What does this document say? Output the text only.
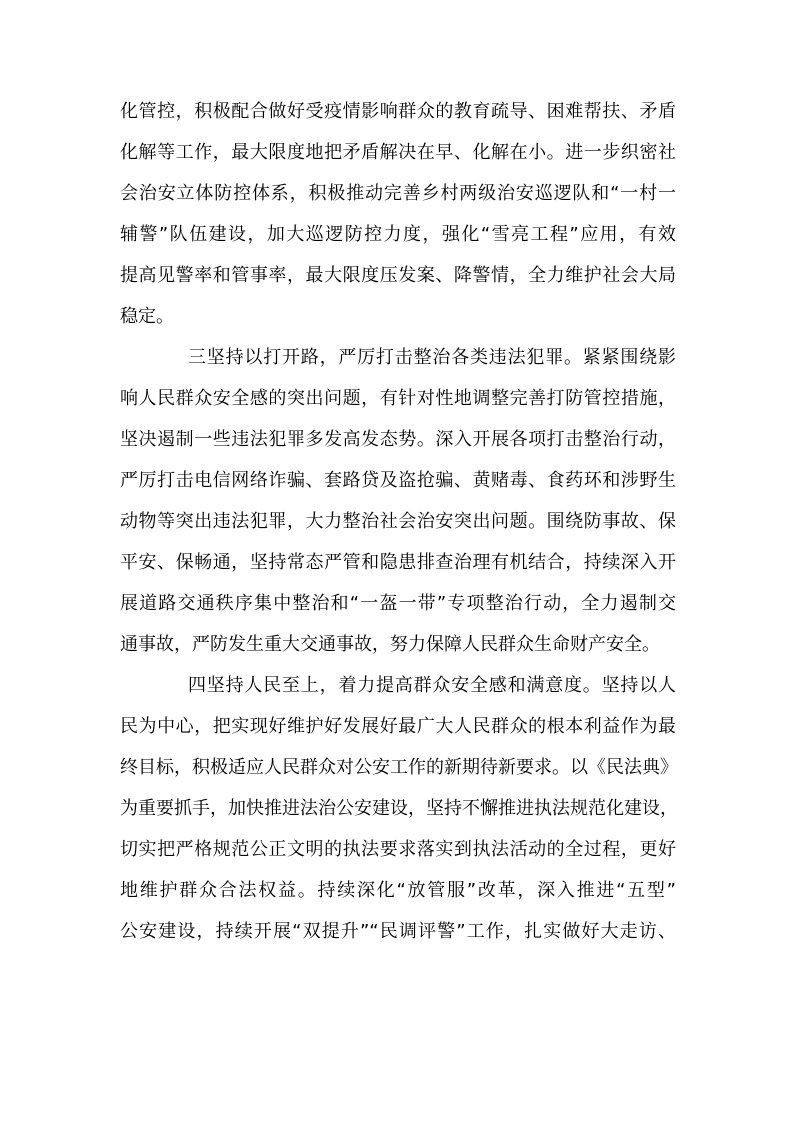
化管控，积极配合做好受疫情影响群众的教育疏导、困难帮扶、矛盾
化解等工作，最大限度地把矛盾解决在早、化解在小。进一步织密社
会治安立体防控体系，积极推动完善乡村两级治安巡逻队和“一村一
辅警”队伍建设，加大巡逻防控力度，强化“雪亮工程”应用，有效
提高见警率和管事率，最大限度压发案、降警情，全力维护社会大局
稳定。
三坚持以打开路，严厉打击整治各类违法犯罪。紧紧围绕影
响人民群众安全感的突出问题，有针对性地调整完善打防管控措施，
坚决遏制一些违法犯罪多发高发态势。深入开展各项打击整治行动，
严厉打击电信网络诈骗、套路贷及盗抢骗、黄赌毒、食药环和涉野生
动物等突出违法犯罪，大力整治社会治安突出问题。围绕防事故、保
平安、保畅通，坚持常态严管和隐患排查治理有机结合，持续深入开
展道路交通秩序集中整治和“一盔一带”专项整治行动，全力遏制交
通事故，严防发生重大交通事故，努力保障人民群众生命财产安全。
四坚持人民至上，着力提高群众安全感和满意度。坚持以人
民为中心，把实现好维护好发展好最广大人民群众的根本利益作为最
终目标，积极适应人民群众对公安工作的新期待新要求。以《民法典》
为重要抓手，加快推进法治公安建设，坚持不懈推进执法规范化建设，
切实把严格规范公正文明的执法要求落实到执法活动的全过程，更好
地维护群众合法权益。持续深化“放管服”改革，深入推进“五型”
公安建设，持续开展“双提升”“民调评警”工作，扎实做好大走访、
